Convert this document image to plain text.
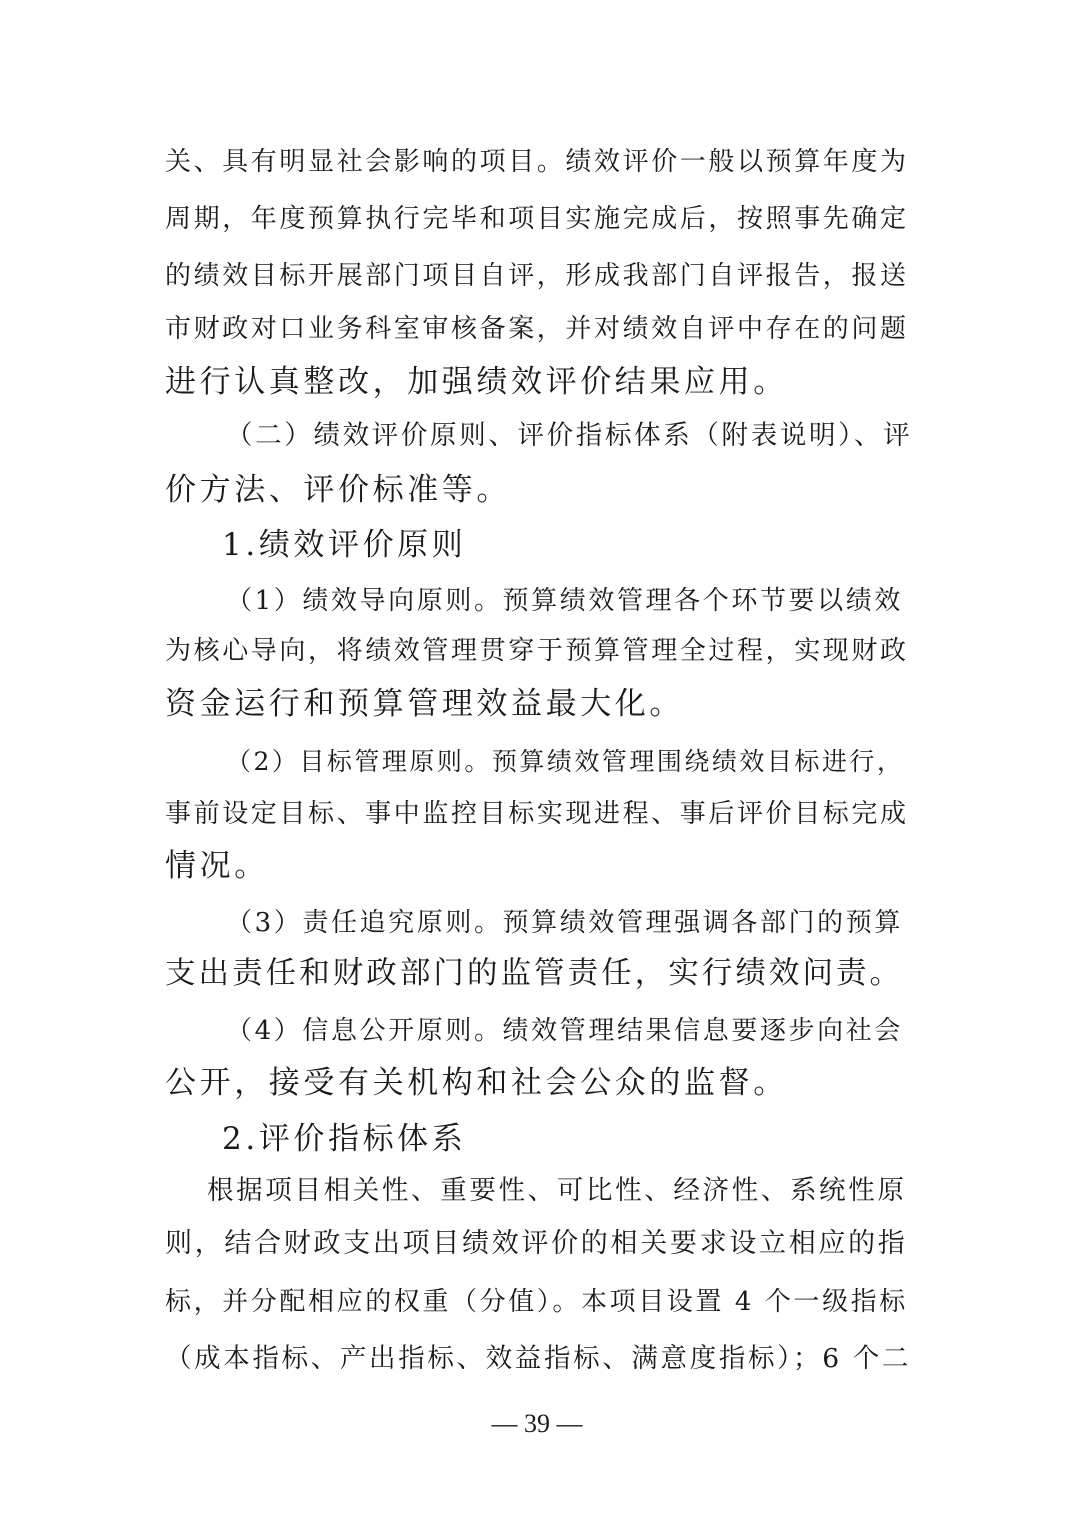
关、具有明显社会影响的项目。绩效评价一般以预算年度为
周期，年度预算执行完毕和项目实施完成后，按照事先确定
的绩效目标开展部门项目自评，形成我部门自评报告，报送
市财政对口业务科室审核备案，并对绩效自评中存在的问题
进行认真整改，加强绩效评价结果应用。
（二）绩效评价原则、评价指标体系（附表说明）、评
价方法、评价标准等。
1.绩效评价原则
（1）绩效导向原则。预算绩效管理各个环节要以绩效
为核心导向，将绩效管理贯穿于预算管理全过程，实现财政
资金运行和预算管理效益最大化。
（2）目标管理原则。预算绩效管理围绕绩效目标进行，
事前设定目标、事中监控目标实现进程、事后评价目标完成
情况。
（3）责任追究原则。预算绩效管理强调各部门的预算
支出责任和财政部门的监管责任，实行绩效问责。
（4）信息公开原则。绩效管理结果信息要逐步向社会
公开，接受有关机构和社会公众的监督。
2.评价指标体系
根据项目相关性、重要性、可比性、经济性、系统性原
则，结合财政支出项目绩效评价的相关要求设立相应的指
标，并分配相应的权重（分值）。本项目设置 4 个一级指标
（成本指标、产出指标、效益指标、满意度指标）；6 个二
— 39 —
